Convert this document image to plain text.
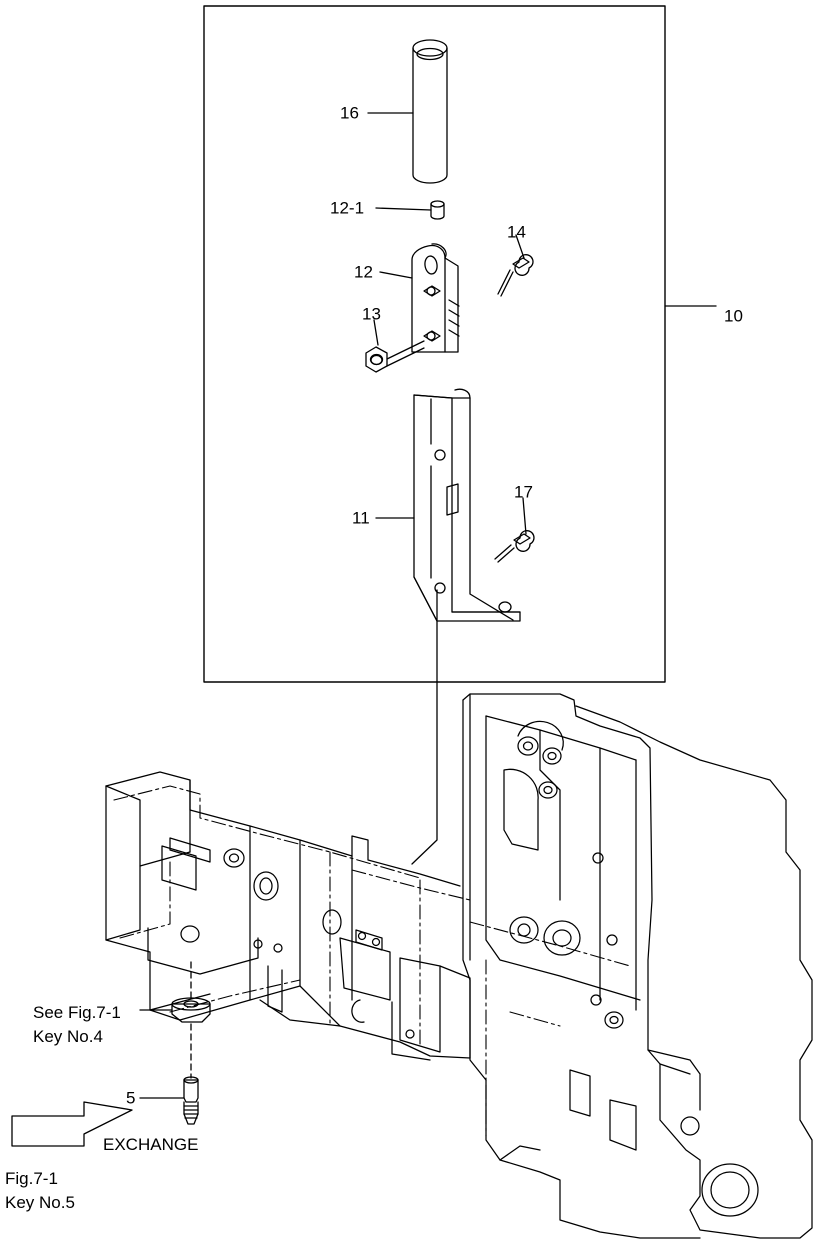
16
12-1
14
12
13	10
17
11
5
See Fig.7-1
Key No.4
EXCHANGE
Fig.7-1
Key No.5
